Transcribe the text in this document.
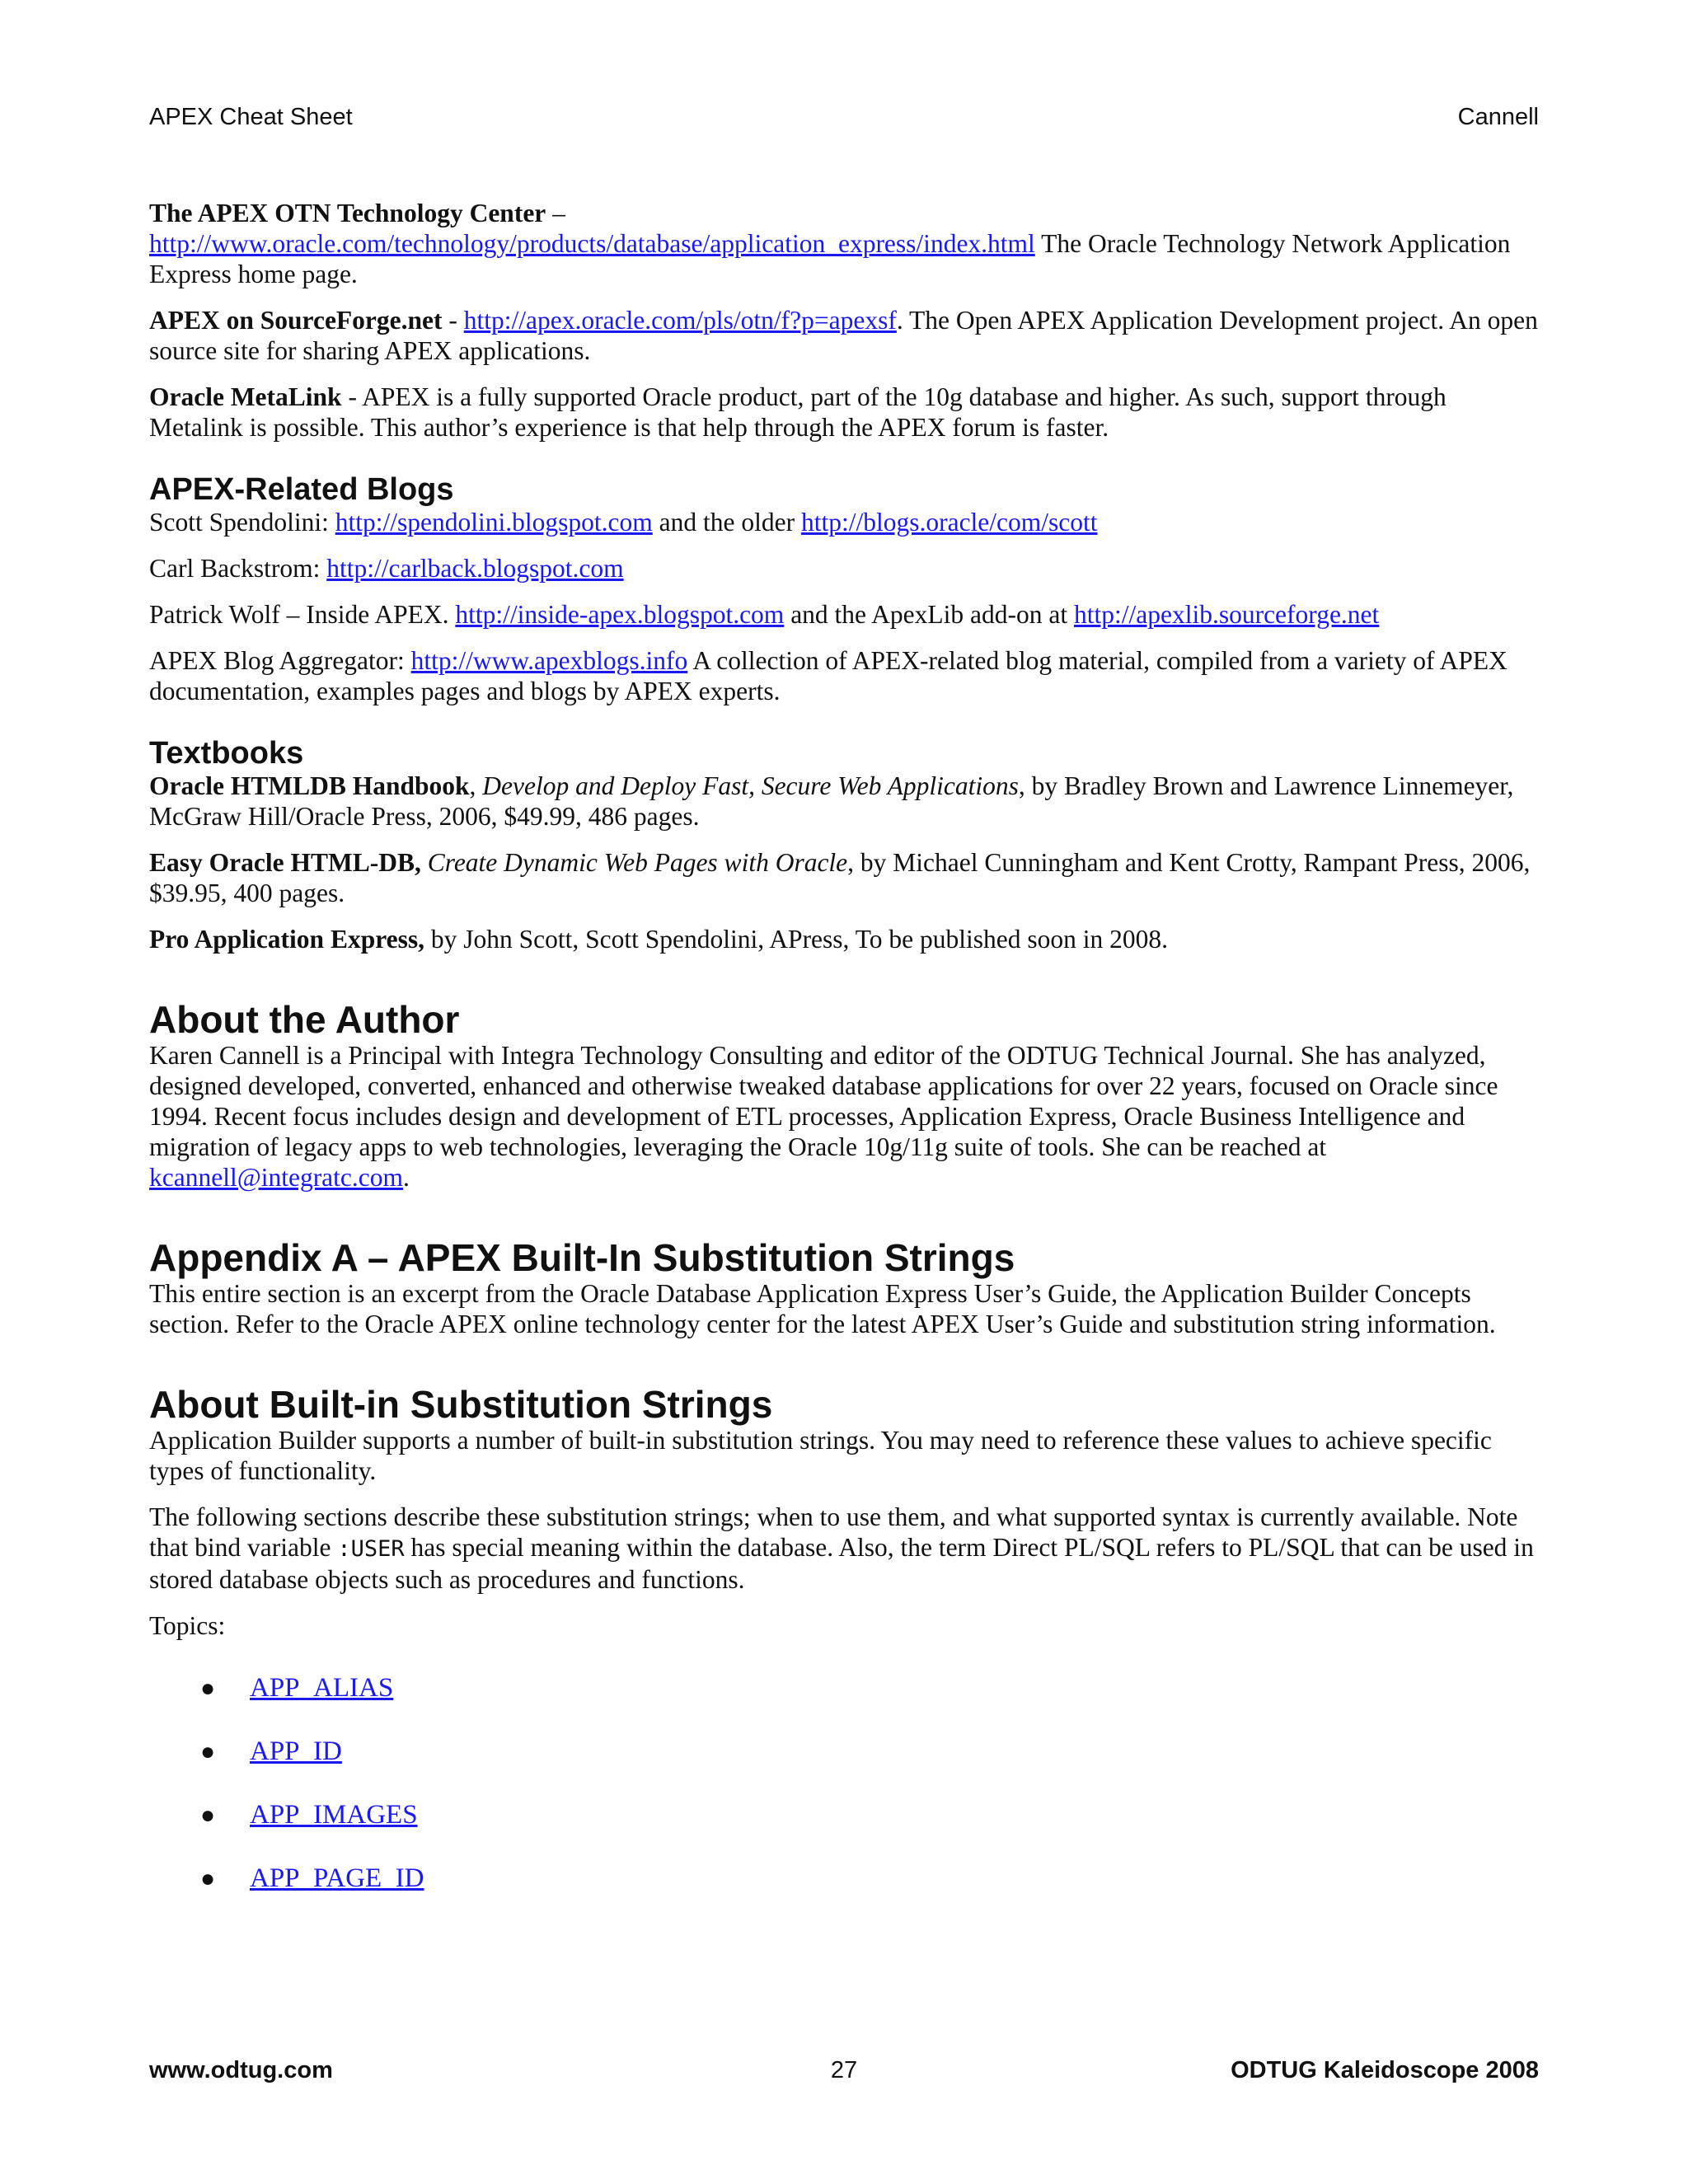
APEX Cheat Sheet	Cannell

The APEX OTN Technology Center –
http://www.oracle.com/technology/products/database/application_express/index.html The Oracle Technology Network Application Express home page.

APEX on SourceForge.net - http://apex.oracle.com/pls/otn/f?p=apexsf. The Open APEX Application Development project. An open source site for sharing APEX applications.

Oracle MetaLink - APEX is a fully supported Oracle product, part of the 10g database and higher. As such, support through Metalink is possible. This author’s experience is that help through the APEX forum is faster.

APEX-Related Blogs

Scott Spendolini: http://spendolini.blogspot.com and the older http://blogs.oracle/com/scott

Carl Backstrom: http://carlback.blogspot.com

Patrick Wolf – Inside APEX. http://inside-apex.blogspot.com and the ApexLib add-on at http://apexlib.sourceforge.net

APEX Blog Aggregator: http://www.apexblogs.info A collection of APEX-related blog material, compiled from a variety of APEX documentation, examples pages and blogs by APEX experts.

Textbooks

Oracle HTMLDB Handbook, Develop and Deploy Fast, Secure Web Applications, by Bradley Brown and Lawrence Linnemeyer, McGraw Hill/Oracle Press, 2006, $49.99, 486 pages.

Easy Oracle HTML-DB, Create Dynamic Web Pages with Oracle, by Michael Cunningham and Kent Crotty, Rampant Press, 2006, $39.95, 400 pages.

Pro Application Express, by John Scott, Scott Spendolini, APress, To be published soon in 2008.

About the Author

Karen Cannell is a Principal with Integra Technology Consulting and editor of the ODTUG Technical Journal. She has analyzed, designed developed, converted, enhanced and otherwise tweaked database applications for over 22 years, focused on Oracle since 1994. Recent focus includes design and development of ETL processes, Application Express, Oracle Business Intelligence and migration of legacy apps to web technologies, leveraging the Oracle 10g/11g suite of tools. She can be reached at kcannell@integratc.com.

Appendix A – APEX Built-In Substitution Strings

This entire section is an excerpt from the Oracle Database Application Express User’s Guide, the Application Builder Concepts section. Refer to the Oracle APEX online technology center for the latest APEX User’s Guide and substitution string information.

About Built-in Substitution Strings

Application Builder supports a number of built-in substitution strings. You may need to reference these values to achieve specific types of functionality.

The following sections describe these substitution strings; when to use them, and what supported syntax is currently available. Note that bind variable :USER has special meaning within the database. Also, the term Direct PL/SQL refers to PL/SQL that can be used in stored database objects such as procedures and functions.

Topics:

●	APP_ALIAS
●	APP_ID
●	APP_IMAGES
●	APP_PAGE_ID
www.odtug.com	27	ODTUG Kaleidoscope 2008
